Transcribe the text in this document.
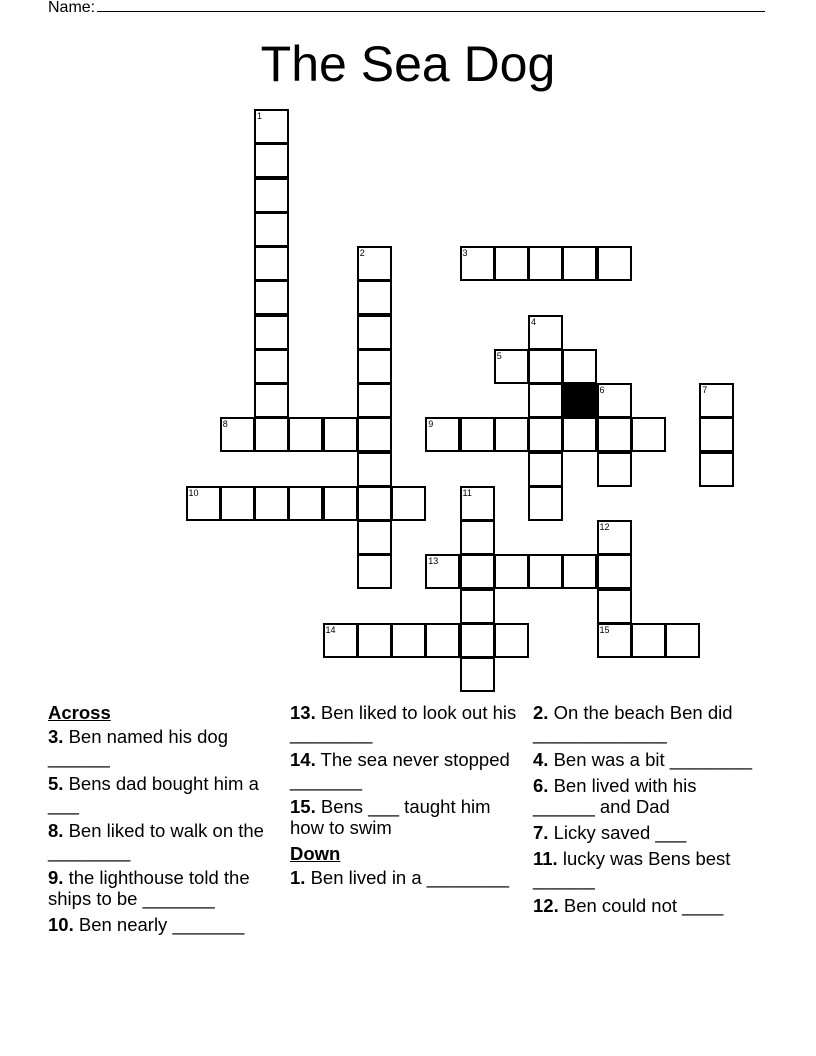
Name:
The Sea Dog
1
2	3
4
5
6	7
8	9
10	11
12
13
14	15
Across
3. Ben named his dog ______
5. Bens dad bought him a ___
8. Ben liked to walk on the ________
9. the lighthouse told the ships to be _______
10. Ben nearly _______
13. Ben liked to look out his ________
14. The sea never stopped _______
15. Bens ___ taught him how to swim
Down
1. Ben lived in a ________
2. On the beach Ben did _____________
4. Ben was a bit ________
6. Ben lived with his ______ and Dad
7. Licky saved ___
11. lucky was Bens best ______
12. Ben could not ____
